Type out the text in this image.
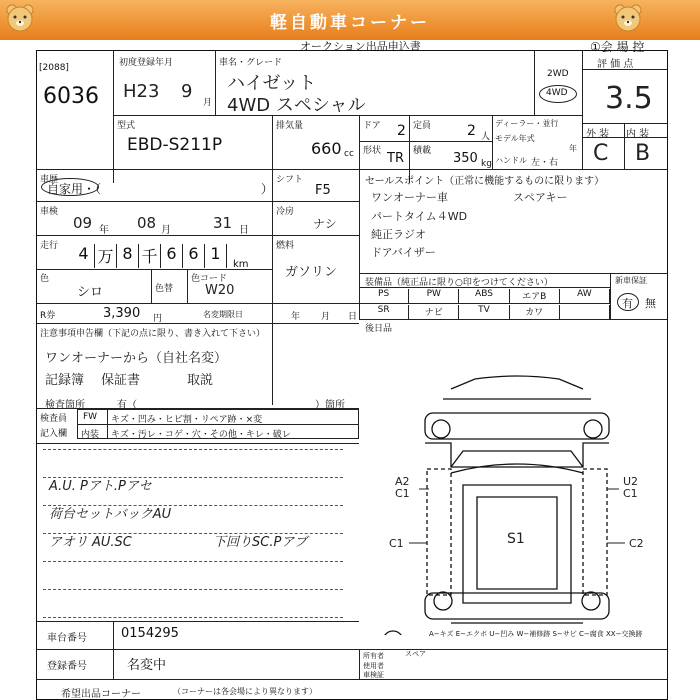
軽自動車コーナー
オークション出品申込書	①会 場 控
[2088]
6036
初度登録年月
H23 9
月
車名・グレード
ハイゼット
4WD スペシャル
2WD
4WD
評 価 点
3.5
外 装 内 装
C B
型式
EBD-S211P
排気量
660 cc
ドア 2 定員	2 人
ディーラー・並行
モデル年式
年
ハンドル 左・右
形状 TR 積載 350 kg
車歴
自家用・（	）
シフト
F5
セールスポイント（正常に機能するものに限ります）
ワンオーナー車	スペアキー
パートタイム４WD
純正ラジオ
ドアバイザー
車検
09 年 08 月	31 日
冷房
ナシ
走行	4 万 8 千 6 6 1
km
燃料
ガソリン
色
シロ	色替
色コード
W20	装備品（純正品に限り○印をつけてください）	新車保証
PS	PW	ABS	エアB	AW
SR	ナビ	TV	カワ
有 無
R券	3,390 円	名変期限日	年 月 日
後日品
注意事項申告欄（下記の点に限り、書き入れて下さい）
ワンオーナーから（自社名変）
記録簿 保証書	取説
検査箇所	有（	）箇所
検査員
記入欄
FW
内装
キズ・凹み・ヒビ割・リペア跡・×変
キズ・汚レ・コゲ・穴・その他・キレ・破レ
A.U. Pアト.Pアセ
荷台セットバックAU
アオリ AU.SC	下回りSC.Pアブ
A2
C1
C1	S1
U2
C1
C2
スペア
A−キズ E−エクボ U−凹み W−補修跡 S−サビ C−腐食 XX−交換跡
車台番号	0154295
登録番号	名変中
所有者
使用者
車検証
希望出品コーナー	（コーナーは各会場により異なります）
